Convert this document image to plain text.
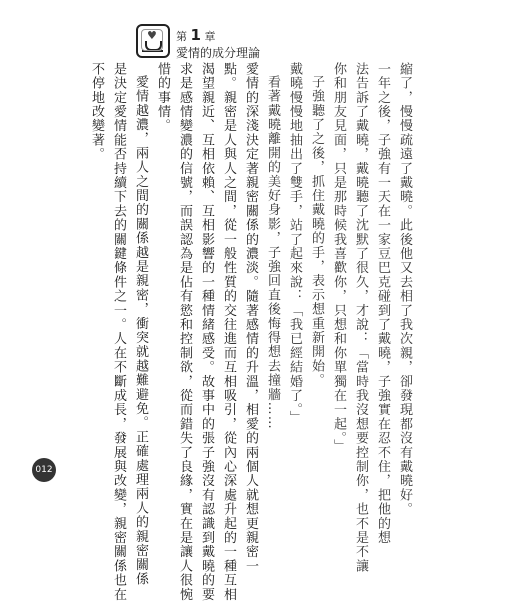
♥ 第 1 章
愛情的成分理論
縮了，慢慢疏遠了戴曉。此後他又去相了我次親，卻發現都沒有戴曉好。
一年之後，子強有一天在一家豆巴克碰到了戴曉，子強實在忍不住，把他的想
法告訴了戴曉，戴曉聽了沈默了很久，才說：「當時我沒想要控制你，也不是不讓
你和朋友見面，只是那時候我喜歡你，只想和你單獨在一起。」
子強聽了之後，抓住戴曉的手，表示想重新開始。
戴曉慢慢地抽出了雙手，站了起來說：「我已經結婚了。」
看著戴曉離開的美好身影，子強回直後悔得想去撞牆……
愛情的深淺決定著親密關係的濃淡。隨著感情的升溫，相愛的兩個人就想更親密一
點。親密是人與人之間，從一般性質的交往進而互相吸引，從內心深處升起的一種互相
渴望親近、互相依賴、互相影響的一種情緒感受。故事中的張子強沒有認識到戴曉的要
求是感情變濃的信號，而誤認為是佔有慾和控制欲，從而錯失了良緣，實在是讓人很惋
惜的事情。
愛情越濃，兩人之間的關係越是親密，衝突就越難避免。正確處理兩人的親密關係
是決定愛情能否持續下去的關鍵條件之一。人在不斷成長，發展與改變，親密關係也在
不停地改變著。
012
